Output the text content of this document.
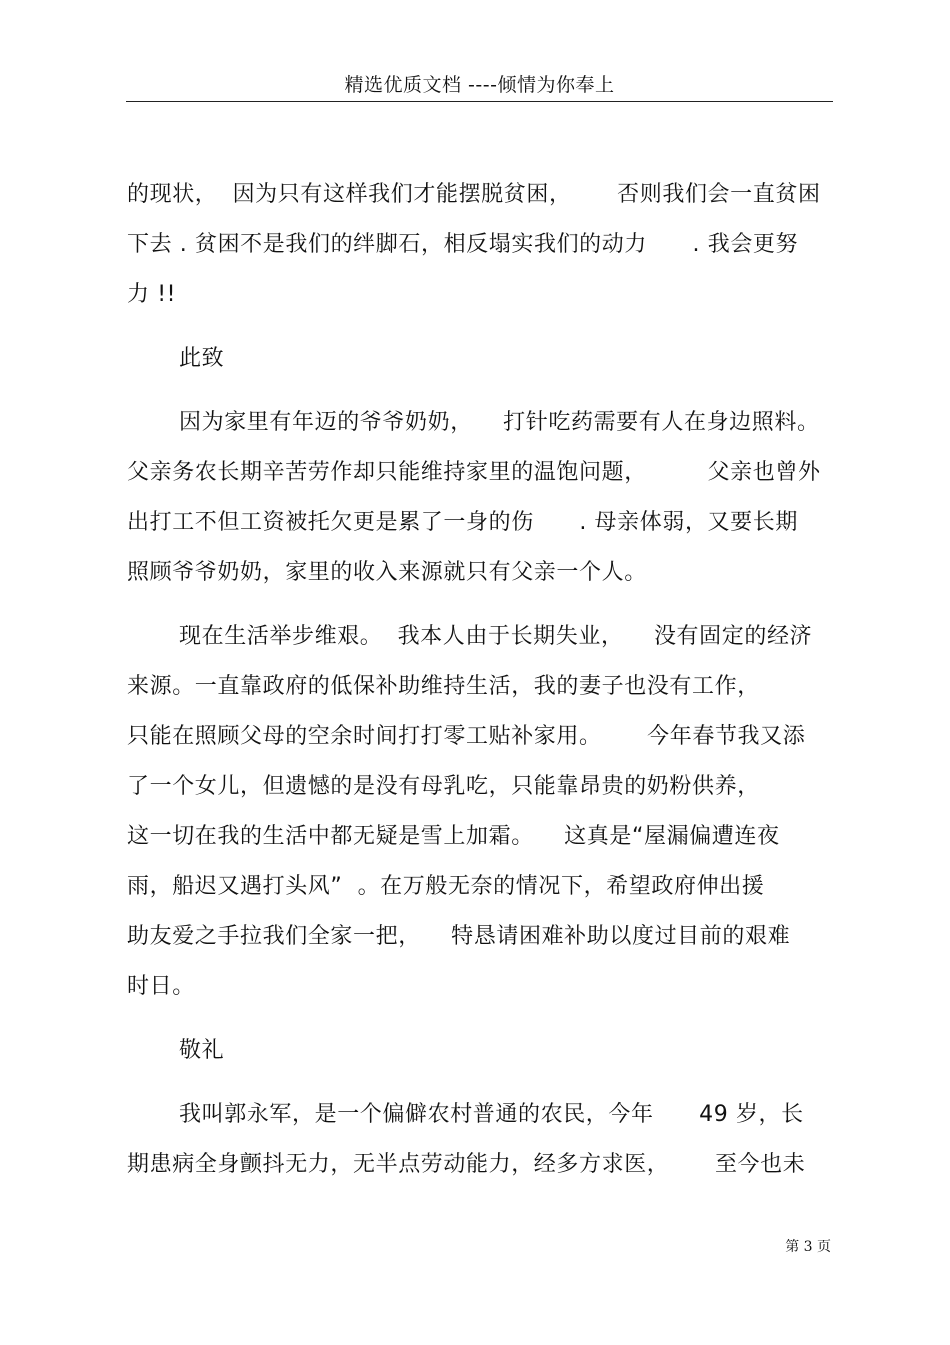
精选优质文档 ----倾情为你奉上
的现状，  因为只有这样我们才能摆脱贫困，      否则我们会一直贫困
下去 . 贫困不是我们的绊脚石，相反塌实我们的动力      . 我会更努
力 !!
此致
因为家里有年迈的爷爷奶奶，    打针吃药需要有人在身边照料。
父亲务农长期辛苦劳作却只能维持家里的温饱问题，        父亲也曾外
出打工不但工资被托欠更是累了一身的伤      . 母亲体弱，又要长期
照顾爷爷奶奶，家里的收入来源就只有父亲一个人。
现在生活举步维艰。  我本人由于长期失业，    没有固定的经济
来源。一直靠政府的低保补助维持生活，我的妻子也没有工作，
只能在照顾父母的空余时间打打零工贴补家用。      今年春节我又添
了一个女儿，但遗憾的是没有母乳吃，只能靠昂贵的奶粉供养，
这一切在我的生活中都无疑是雪上加霜。    这真是“屋漏偏遭连夜
雨，船迟又遇打头风”  。在万般无奈的情况下，希望政府伸出援
助友爱之手拉我们全家一把，    特恳请困难补助以度过目前的艰难
时日。
敬礼
我叫郭永军，是一个偏僻农村普通的农民，今年      49 岁，长
期患病全身颤抖无力，无半点劳动能力，经多方求医，      至今也未
第 3 页
